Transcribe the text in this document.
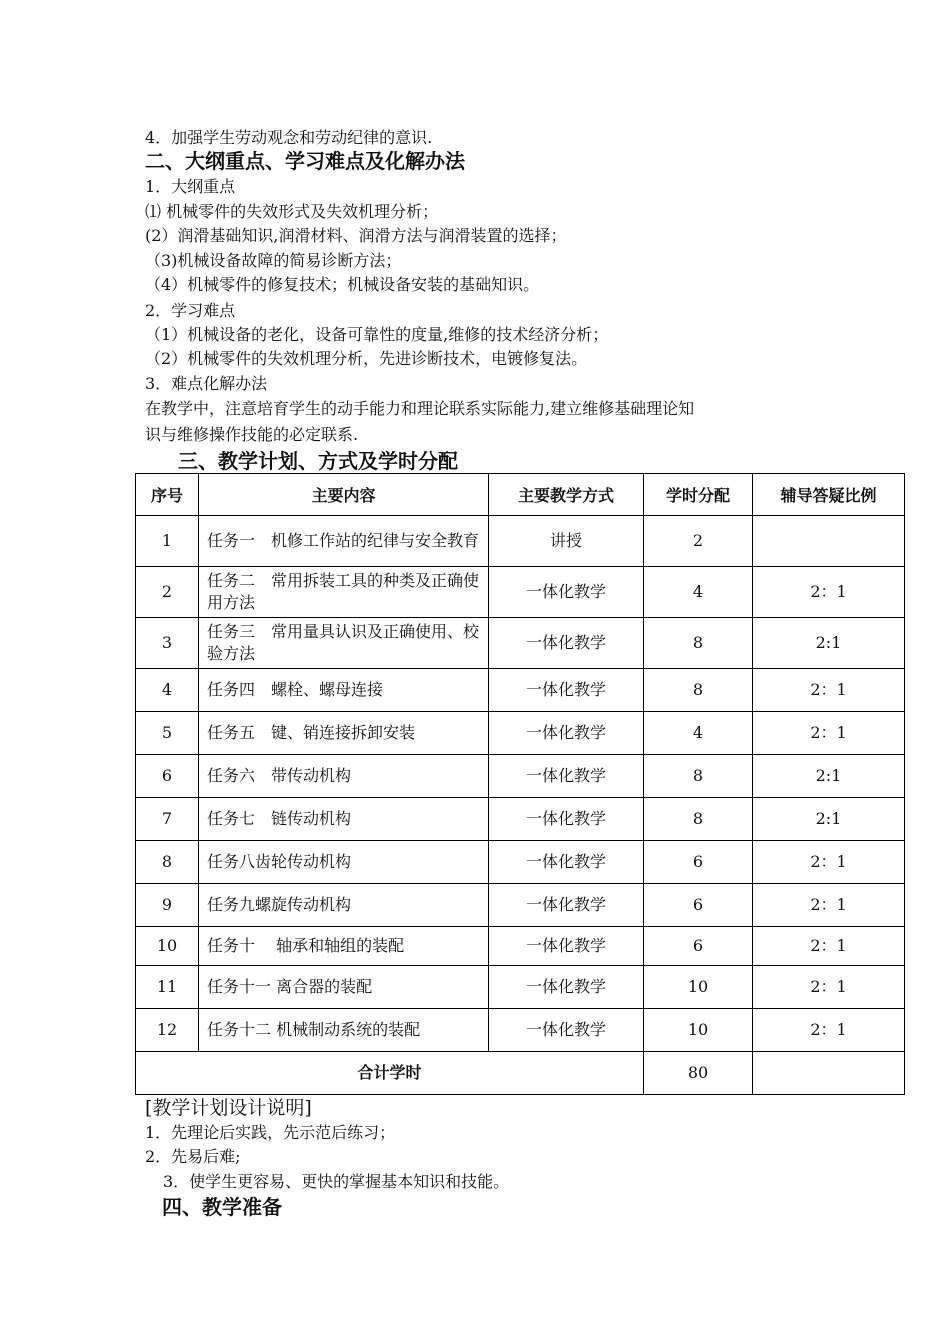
4．加强学生劳动观念和劳动纪律的意识.
二、大纲重点、学习难点及化解办法
1．大纲重点
⑴ 机械零件的失效形式及失效机理分析；
(2）润滑基础知识,润滑材料、润滑方法与润滑装置的选择；
（3)机械设备故障的简易诊断方法；
（4）机械零件的修复技术；机械设备安装的基础知识。
2．学习难点
（1）机械设备的老化，设备可靠性的度量,维修的技术经济分析；
（2）机械零件的失效机理分析，先进诊断技术，电镀修复法。
3．难点化解办法
在教学中，注意培育学生的动手能力和理论联系实际能力,建立维修基础理论知
识与维修操作技能的必定联系.
三、教学计划、方式及学时分配
序号	主要内容	主要教学方式	学时分配	辅导答疑比例
1	任务一　机修工作站的纪律与安全教育	讲授	2	
2	任务二　常用拆装工具的种类及正确使用方法	一体化教学	4	2：1
3	任务三　常用量具认识及正确使用、校验方法	一体化教学	8	2:1
4	任务四　螺栓、螺母连接	一体化教学	8	2：1
5	任务五　键、销连接拆卸安装	一体化教学	4	2：1
6	任务六　带传动机构	一体化教学	8	2:1
7	任务七　链传动机构	一体化教学	8	2:1
8	任务八齿轮传动机构	一体化教学	6	2：1
9	任务九螺旋传动机构	一体化教学	6	2：1
10	任务十　 轴承和轴组的装配	一体化教学	6	2：1
11	任务十一 离合器的装配	一体化教学	10	2：1
12	任务十二 机械制动系统的装配	一体化教学	10	2：1
合计学时			80	
[教学计划设计说明]
1．先理论后实践，先示范后练习；
2．先易后难;
3．使学生更容易、更快的掌握基本知识和技能。
四、教学准备
